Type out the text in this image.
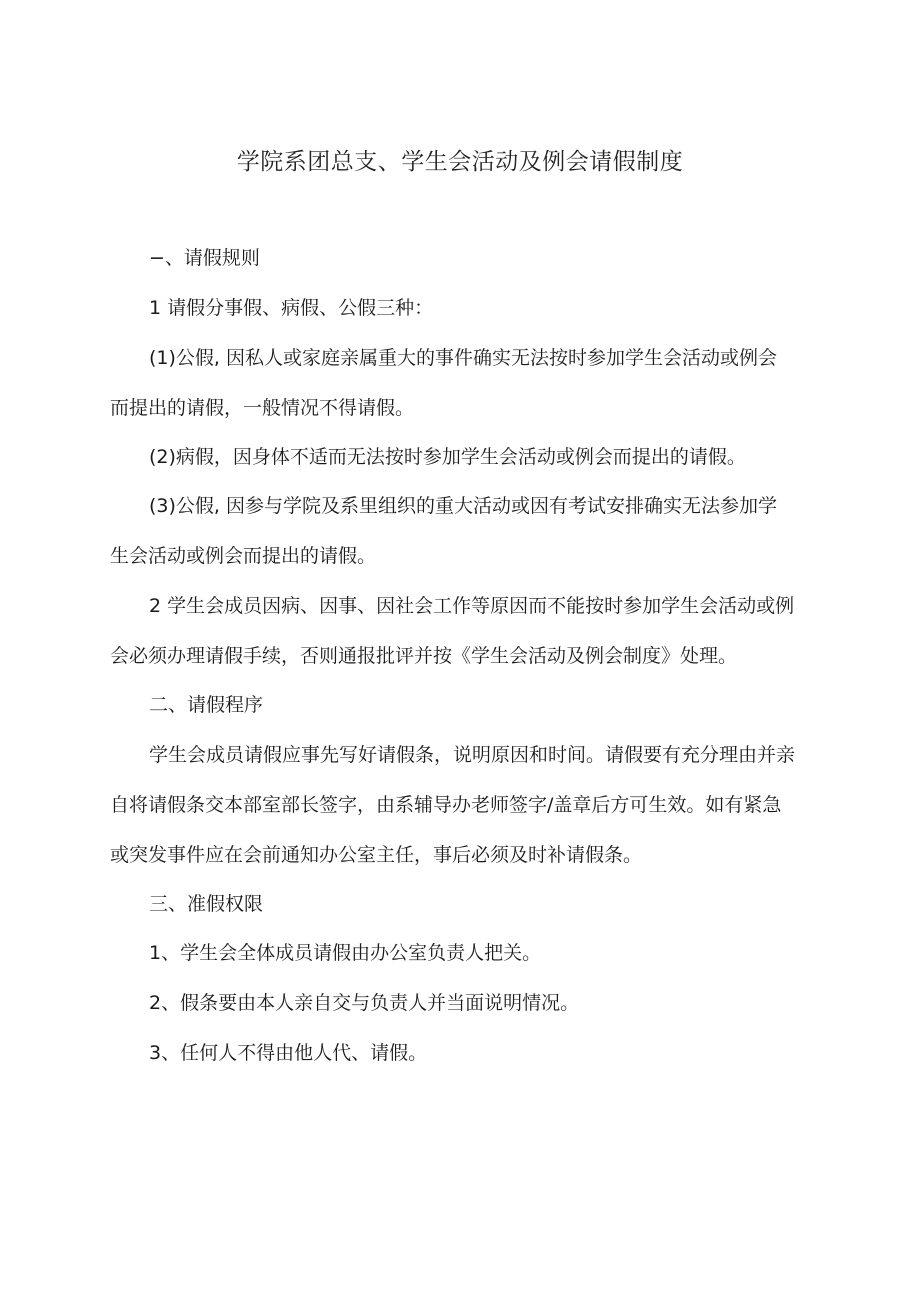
学院系团总支、学生会活动及例会请假制度

−、请假规则

1 请假分事假、病假、公假三种：

(1)公假, 因私人或家庭亲属重大的事件确实无法按时参加学生会活动或例会

而提出的请假，一般情况不得请假。

(2)病假，因身体不适而无法按时参加学生会活动或例会而提出的请假。

(3)公假, 因参与学院及系里组织的重大活动或因有考试安排确实无法参加学

生会活动或例会而提出的请假。

2 学生会成员因病、因事、因社会工作等原因而不能按时参加学生会活动或例

会必须办理请假手续，否则通报批评并按《学生会活动及例会制度》处理。

二、请假程序

学生会成员请假应事先写好请假条，说明原因和时间。请假要有充分理由并亲

自将请假条交本部室部长签字，由系辅导办老师签字/盖章后方可生效。如有紧急

或突发事件应在会前通知办公室主任，事后必须及时补请假条。

三、准假权限

1、学生会全体成员请假由办公室负责人把关。

2、假条要由本人亲自交与负责人并当面说明情况。

3、任何人不得由他人代、请假。
